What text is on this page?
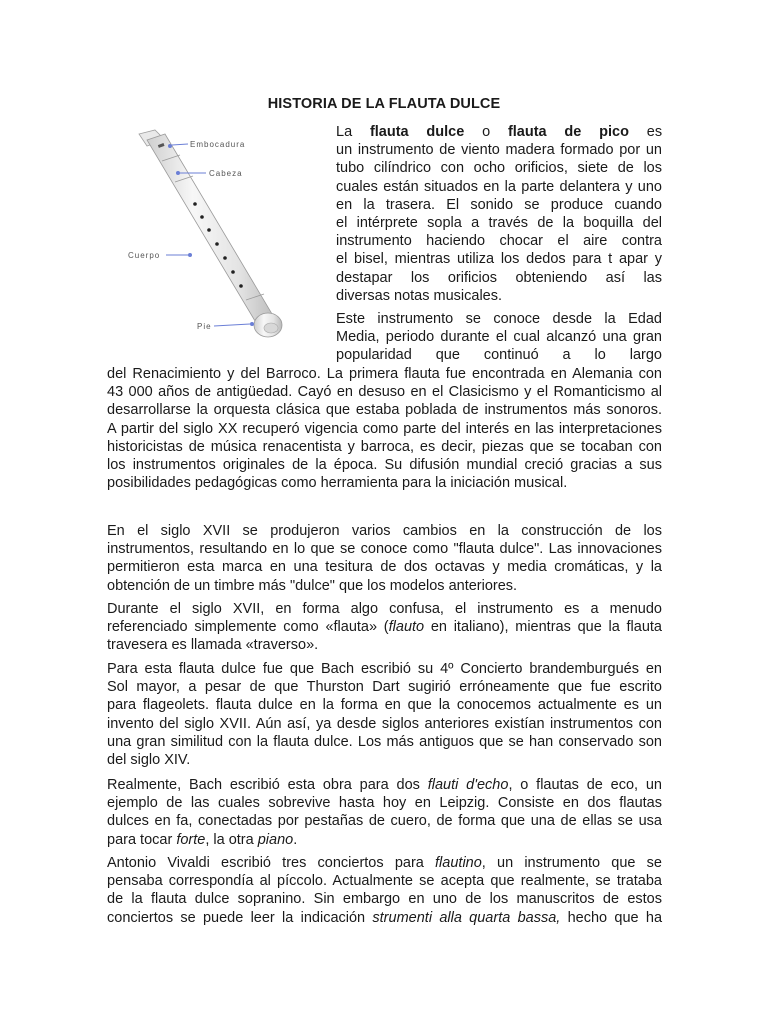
HISTORIA DE LA FLAUTA DULCE
Embocadura
Cabeza
Cuerpo
Pie
La flauta dulce o flauta de pico es
un instrumento de viento madera formado por un
tubo cilíndrico con ocho orificios, siete de los
cuales están situados en la parte delantera y uno
en la trasera. El sonido se produce cuando
el intérprete sopla a través de la boquilla del
instrumento haciendo chocar el aire contra
el bisel, mientras utiliza los dedos para t apar y
destapar los orificios obteniendo así las
diversas notas musicales.
Este instrumento se conoce desde la Edad
Media, periodo durante el cual alcanzó una gran
popularidad que continuó a lo largo
del Renacimiento y del Barroco. La primera flauta fue encontrada en Alemania con
43 000 años de antigüedad. Cayó en desuso en el Clasicismo y el Romanticismo al
desarrollarse la orquesta clásica que estaba poblada de instrumentos más sonoros.
A partir del siglo XX recuperó vigencia como parte del interés en las interpretaciones
historicistas de música renacentista y barroca, es decir, piezas que se tocaban con
los instrumentos originales de la época. Su difusión mundial creció gracias a sus
posibilidades pedagógicas como herramienta para la iniciación musical.
En el siglo XVII se produjeron varios cambios en la construcción de los
instrumentos, resultando en lo que se conoce como "flauta dulce". Las innovaciones
permitieron esta marca en una tesitura de dos octavas y media cromáticas, y la
obtención de un timbre más "dulce" que los modelos anteriores.
Durante el siglo XVII, en forma algo confusa, el instrumento es a menudo
referenciado simplemente como «flauta» (flauto en italiano), mientras que la flauta
travesera es llamada «traverso».
Para esta flauta dulce fue que Bach escribió su 4º Concierto brandemburgués en
Sol mayor, a pesar de que Thurston Dart sugirió erróneamente que fue escrito
para flageolets. flauta dulce en la forma en que la conocemos actualmente es un
invento del siglo XVII. Aún así, ya desde siglos anteriores existían instrumentos con
una gran similitud con la flauta dulce. Los más antiguos que se han conservado son
del siglo XIV.
Realmente, Bach escribió esta obra para dos flauti d'echo, o flautas de eco, un
ejemplo de las cuales sobrevive hasta hoy en Leipzig. Consiste en dos flautas
dulces en fa, conectadas por pestañas de cuero, de forma que una de ellas se usa
para tocar forte, la otra piano.
Antonio Vivaldi escribió tres conciertos para flautino, un instrumento que se
pensaba correspondía al píccolo. Actualmente se acepta que realmente, se trataba
de la flauta dulce sopranino. Sin embargo en uno de los manuscritos de estos
conciertos se puede leer la indicación strumenti alla quarta bassa, hecho que ha
